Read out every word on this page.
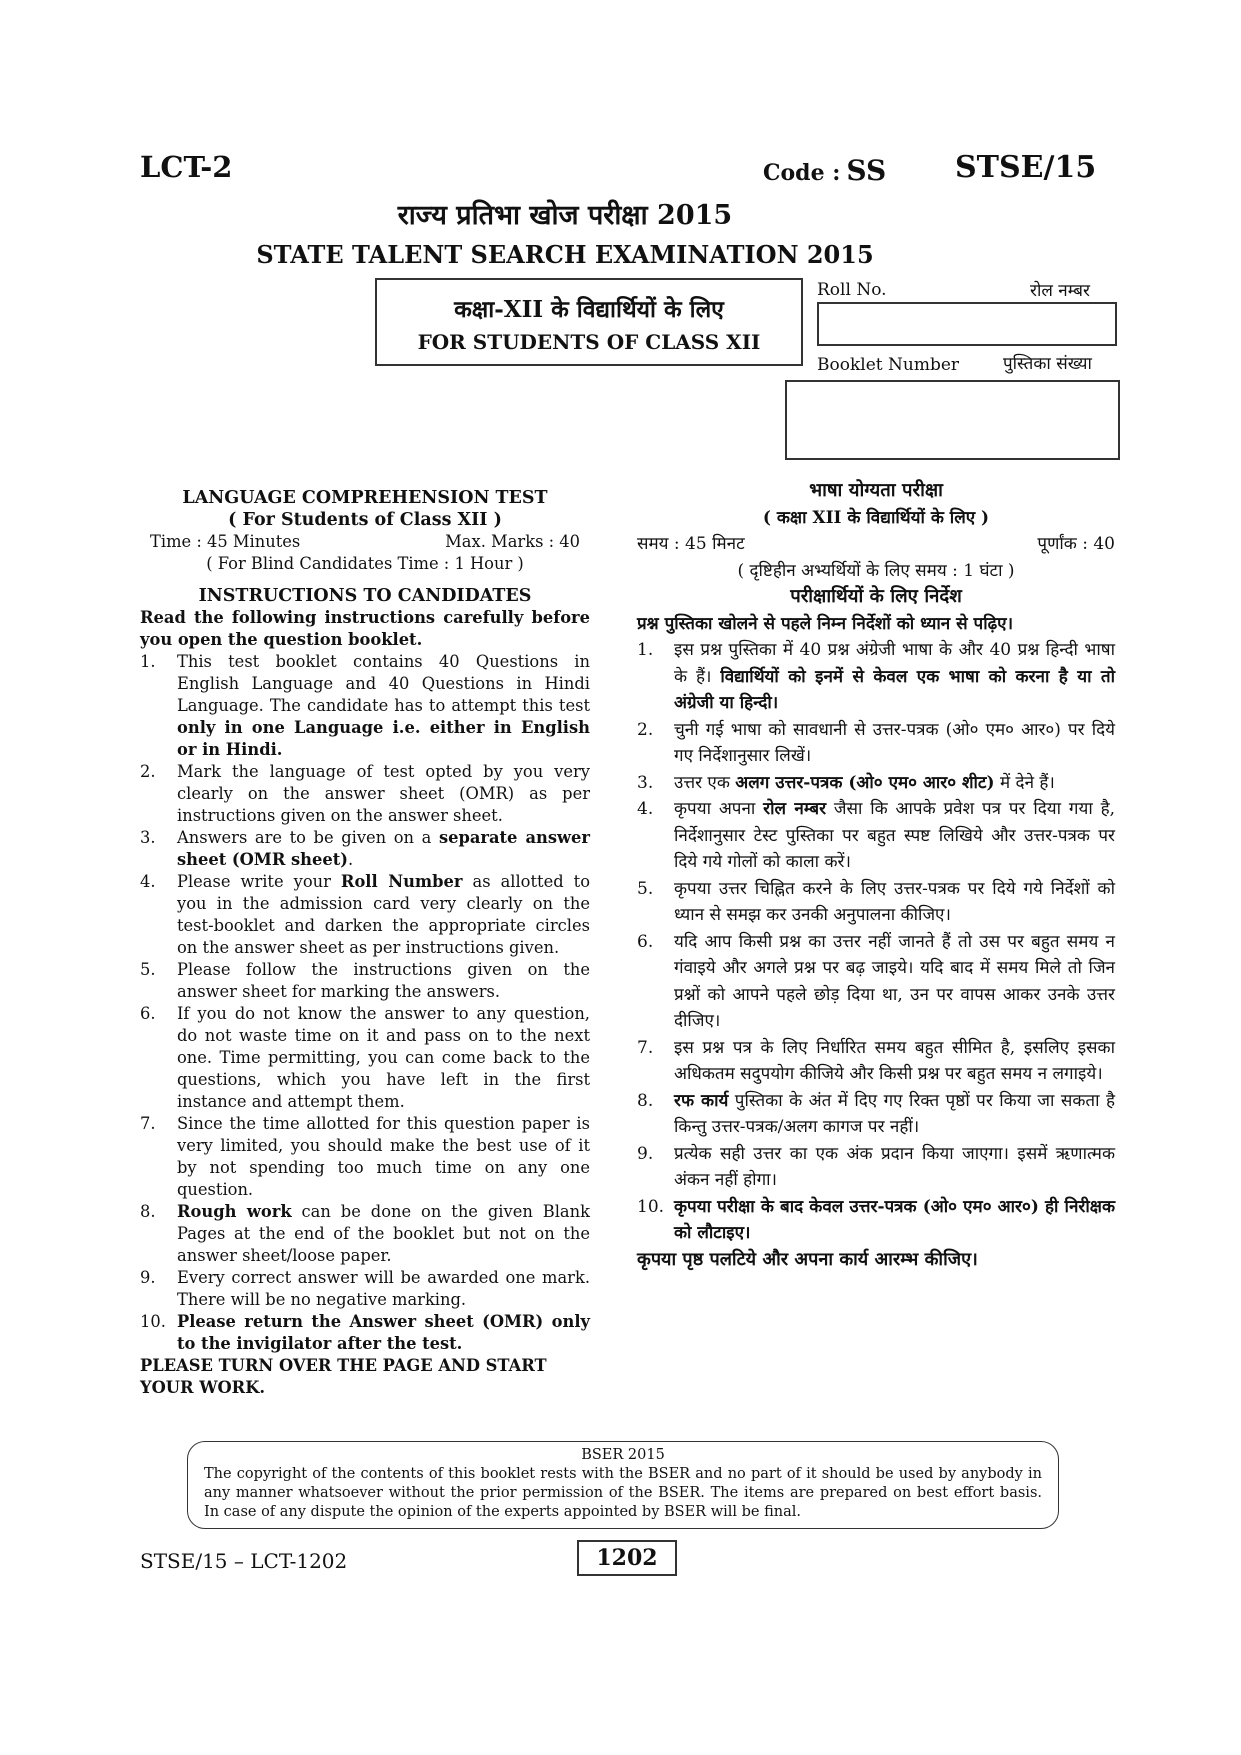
LCT-2	Code : SS STSE/15
राज्य प्रतिभा खोज परीक्षा 2015
STATE TALENT SEARCH EXAMINATION 2015
कक्षा-XII के विद्यार्थियों के लिए
FOR STUDENTS OF CLASS XII
Roll No.	रोल नम्बर
Booklet Number	पुस्तिका संख्या
LANGUAGE COMPREHENSION TEST
( For Students of Class XII )
Time : 45 Minutes	Max. Marks : 40
( For Blind Candidates Time : 1 Hour )
INSTRUCTIONS TO CANDIDATES
Read the following instructions carefully before you open the question booklet.
1.	This test booklet contains 40 Questions in English Language and 40 Questions in Hindi Language. The candidate has to attempt this test only in one Language i.e. either in English or in Hindi.
2.	Mark the language of test opted by you very clearly on the answer sheet (OMR) as per instructions given on the answer sheet.
3.	Answers are to be given on a separate answer sheet (OMR sheet).
4.	Please write your Roll Number as allotted to you in the admission card very clearly on the test-booklet and darken the appropriate circles on the answer sheet as per instructions given.
5.	Please follow the instructions given on the answer sheet for marking the answers.
6.	If you do not know the answer to any question, do not waste time on it and pass on to the next one. Time permitting, you can come back to the questions, which you have left in the first instance and attempt them.
7.	Since the time allotted for this question paper is very limited, you should make the best use of it by not spending too much time on any one question.
8.	Rough work can be done on the given Blank Pages at the end of the booklet but not on the answer sheet/loose paper.
9.	Every correct answer will be awarded one mark. There will be no negative marking.
10. Please return the Answer sheet (OMR) only to the invigilator after the test.
PLEASE TURN OVER THE PAGE AND START YOUR WORK.
भाषा योग्यता परीक्षा
( कक्षा XII के विद्यार्थियों के लिए )
समय : 45 मिनट	पूर्णांक : 40
( दृष्टिहीन अभ्यर्थियों के लिए समय : 1 घंटा )
परीक्षार्थियों के लिए निर्देश
प्रश्न पुस्तिका खोलने से पहले निम्न निर्देशों को ध्यान से पढ़िए।
1.	इस प्रश्न पुस्तिका में 40 प्रश्न अंग्रेजी भाषा के और 40 प्रश्न हिन्दी भाषा के हैं। विद्यार्थियों को इनमें से केवल एक भाषा को करना है या तो अंग्रेजी या हिन्दी।
2.	चुनी गई भाषा को सावधानी से उत्तर-पत्रक (ओ० एम० आर०) पर दिये गए निर्देशानुसार लिखें।
3.	उत्तर एक अलग उत्तर-पत्रक (ओ० एम० आर० शीट) में देने हैं।
4.	कृपया अपना रोल नम्बर जैसा कि आपके प्रवेश पत्र पर दिया गया है, निर्देशानुसार टेस्ट पुस्तिका पर बहुत स्पष्ट लिखिये और उत्तर-पत्रक पर दिये गये गोलों को काला करें।
5.	कृपया उत्तर चिह्नित करने के लिए उत्तर-पत्रक पर दिये गये निर्देशों को ध्यान से समझ कर उनकी अनुपालना कीजिए।
6.	यदि आप किसी प्रश्न का उत्तर नहीं जानते हैं तो उस पर बहुत समय न गंवाइये और अगले प्रश्न पर बढ़ जाइये। यदि बाद में समय मिले तो जिन प्रश्नों को आपने पहले छोड़ दिया था, उन पर वापस आकर उनके उत्तर दीजिए।
7.	इस प्रश्न पत्र के लिए निर्धारित समय बहुत सीमित है, इसलिए इसका अधिकतम सदुपयोग कीजिये और किसी प्रश्न पर बहुत समय न लगाइये।
8.	रफ कार्य पुस्तिका के अंत में दिए गए रिक्त पृष्ठों पर किया जा सकता है किन्तु उत्तर-पत्रक/अलग कागज पर नहीं।
9.	प्रत्येक सही उत्तर का एक अंक प्रदान किया जाएगा। इसमें ऋणात्मक अंकन नहीं होगा।
10. कृपया परीक्षा के बाद केवल उत्तर-पत्रक (ओ० एम० आर०) ही निरीक्षक को लौटाइए।
कृपया पृष्ठ पलटिये और अपना कार्य आरम्भ कीजिए।
BSER 2015
The copyright of the contents of this booklet rests with the BSER and no part of it should be used by anybody in any manner whatsoever without the prior permission of the BSER. The items are prepared on best effort basis. In case of any dispute the opinion of the experts appointed by BSER will be final.
STSE/15 – LCT-1202	1202
